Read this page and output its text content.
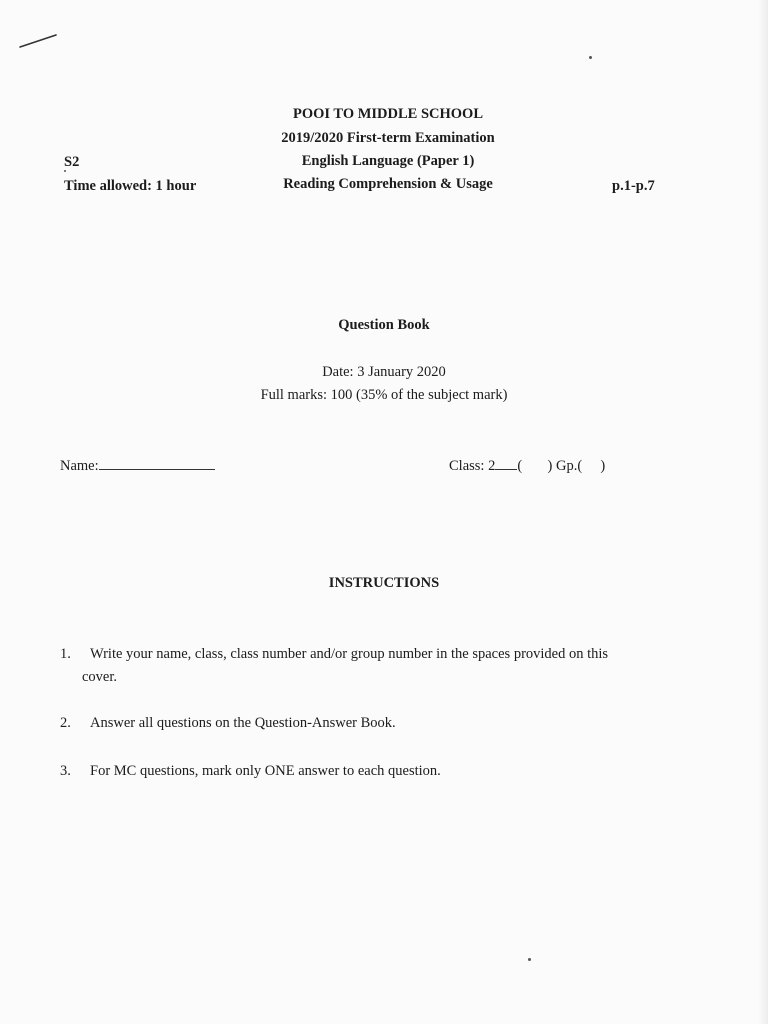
POOI TO MIDDLE SCHOOL
2019/2020 First-term Examination
English Language (Paper 1)
Reading Comprehension & Usage
S2
Time allowed: 1 hour	p.1-p.7
Question Book
Date: 3 January 2020
Full marks: 100 (35% of the subject mark)
Name:	Class: 2 ( ) Gp.( )
INSTRUCTIONS
1. Write your name, class, class number and/or group number in the spaces provided on this
cover.
2. Answer all questions on the Question-Answer Book.
3. For MC questions, mark only ONE answer to each question.
